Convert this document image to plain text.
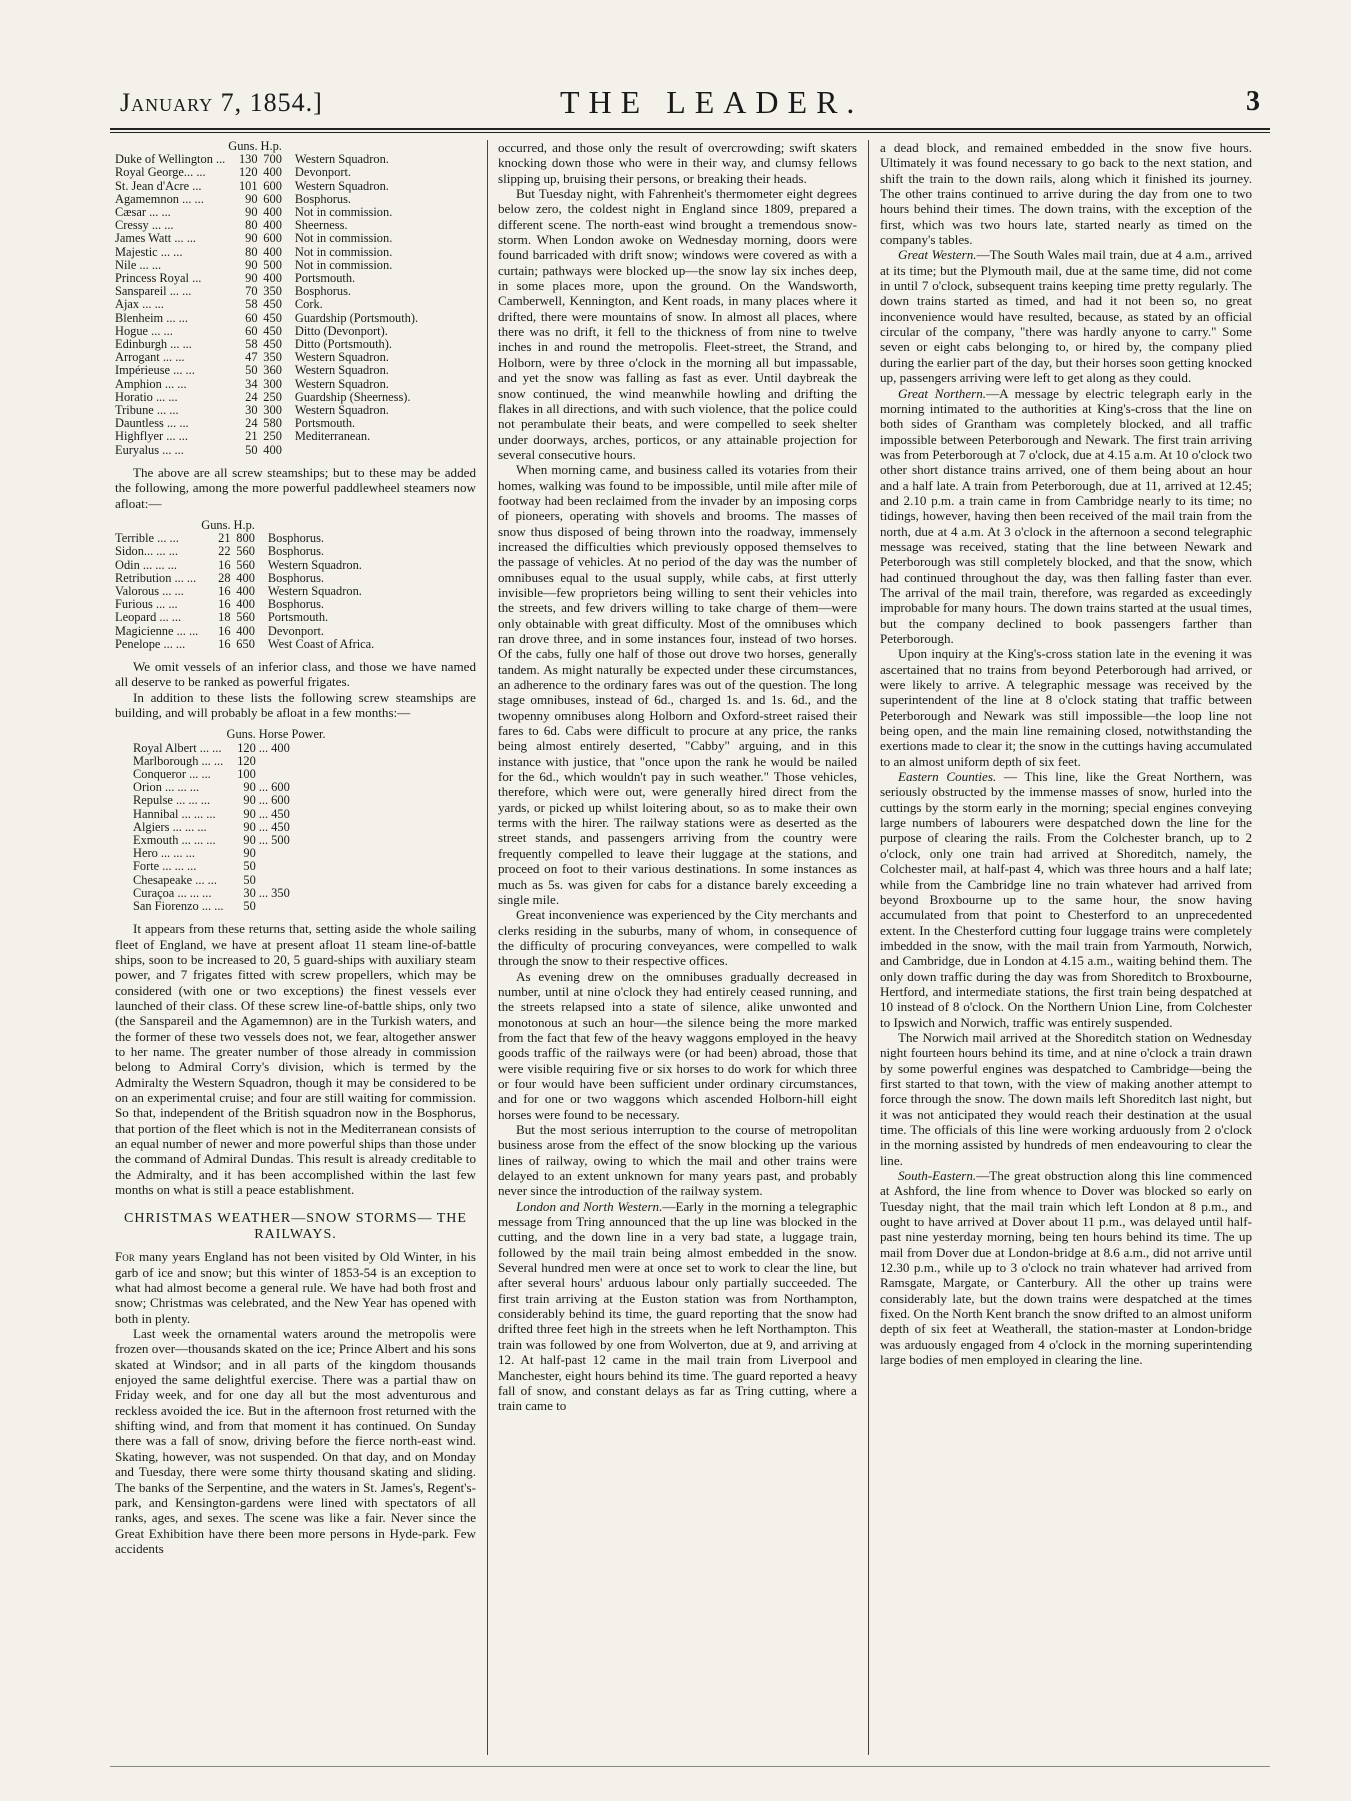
January 7, 1854.]	THE LEADER.	3
	Guns.	H.p.	
Duke of Wellington ...	130	700	Western Squadron.
Royal George... ...	120	400	Devonport.
St. Jean d'Acre ...	101	600	Western Squadron.
Agamemnon ... ...	90	600	Bosphorus.
Cæsar ... ...	90	400	Not in commission.
Cressy ... ...	80	400	Sheerness.
James Watt ... ...	90	600	Not in commission.
Majestic ... ...	80	400	Not in commission.
Nile ... ...	90	500	Not in commission.
Princess Royal ...	90	400	Portsmouth.
Sanspareil ... ...	70	350	Bosphorus.
Ajax ... ...	58	450	Cork.
Blenheim ... ...	60	450	Guardship (Portsmouth).
Hogue ... ...	60	450	Ditto (Devonport).
Edinburgh ... ...	58	450	Ditto (Portsmouth).
Arrogant ... ...	47	350	Western Squadron.
Impérieuse ... ...	50	360	Western Squadron.
Amphion ... ...	34	300	Western Squadron.
Horatio ... ...	24	250	Guardship (Sheerness).
Tribune ... ...	30	300	Western Squadron.
Dauntless ... ...	24	580	Portsmouth.
Highflyer ... ...	21	250	Mediterranean.
Euryalus ... ...	50	400	

The above are all screw steamships; but to these may be added the following, among the more powerful paddlewheel steamers now afloat:—

	Guns.	H.p.	
Terrible ... ...	21	800	Bosphorus.
Sidon... ... ...	22	560	Bosphorus.
Odin ... ... ...	16	560	Western Squadron.
Retribution ... ...	28	400	Bosphorus.
Valorous ... ...	16	400	Western Squadron.
Furious ... ...	16	400	Bosphorus.
Leopard ... ...	18	560	Portsmouth.
Magicienne ... ...	16	400	Devonport.
Penelope ... ...	16	650	West Coast of Africa.

We omit vessels of an inferior class, and those we have named all deserve to be ranked as powerful frigates.

In addition to these lists the following screw steamships are building, and will probably be afloat in a few months:—

	Guns.	Horse Power.
Royal Albert ... ...	120	... 400
Marlborough ... ...	120	
Conqueror ... ...	100	
Orion ... ... ...	90	... 600
Repulse ... ... ...	90	... 600
Hannibal ... ... ...	90	... 450
Algiers ... ... ...	90	... 450
Exmouth ... ... ...	90	... 500
Hero ... ... ...	90	
Forte ... ... ...	50	
Chesapeake ... ...	50	
Curaçoa ... ... ...	30	... 350
San Fiorenzo ... ...	50	

It appears from these returns that, setting aside the whole sailing fleet of England, we have at present afloat 11 steam line-of-battle ships, soon to be increased to 20, 5 guard-ships with auxiliary steam power, and 7 frigates fitted with screw propellers, which may be considered (with one or two exceptions) the finest vessels ever launched of their class. Of these screw line-of-battle ships, only two (the Sanspareil and the Agamemnon) are in the Turkish waters, and the former of these two vessels does not, we fear, altogether answer to her name. The greater number of those already in commission belong to Admiral Corry's division, which is termed by the Admiralty the Western Squadron, though it may be considered to be on an experimental cruise; and four are still waiting for commission. So that, independent of the British squadron now in the Bosphorus, that portion of the fleet which is not in the Mediterranean consists of an equal number of newer and more powerful ships than those under the command of Admiral Dundas. This result is already creditable to the Admiralty, and it has been accomplished within the last few months on what is still a peace establishment.

CHRISTMAS WEATHER—SNOW STORMS— THE RAILWAYS.

For many years England has not been visited by Old Winter, in his garb of ice and snow; but this winter of 1853-54 is an exception to what had almost become a general rule. We have had both frost and snow; Christmas was celebrated, and the New Year has opened with both in plenty.

Last week the ornamental waters around the metropolis were frozen over—thousands skated on the ice; Prince Albert and his sons skated at Windsor; and in all parts of the kingdom thousands enjoyed the same delightful exercise. There was a partial thaw on Friday week, and for one day all but the most adventurous and reckless avoided the ice. But in the afternoon frost returned with the shifting wind, and from that moment it has continued. On Sunday there was a fall of snow, driving before the fierce north-east wind. Skating, however, was not suspended. On that day, and on Monday and Tuesday, there were some thirty thousand skating and sliding. The banks of the Serpentine, and the waters in St. James's, Regent's-park, and Kensington-gardens were lined with spectators of all ranks, ages, and sexes. The scene was like a fair. Never since the Great Exhibition have there been more persons in Hyde-park. Few accidents

occurred, and those only the result of overcrowding; swift skaters knocking down those who were in their way, and clumsy fellows slipping up, bruising their persons, or breaking their heads.

But Tuesday night, with Fahrenheit's thermometer eight degrees below zero, the coldest night in England since 1809, prepared a different scene. The north-east wind brought a tremendous snow-storm. When London awoke on Wednesday morning, doors were found barricaded with drift snow; windows were covered as with a curtain; pathways were blocked up—the snow lay six inches deep, in some places more, upon the ground. On the Wandsworth, Camberwell, Kennington, and Kent roads, in many places where it drifted, there were mountains of snow. In almost all places, where there was no drift, it fell to the thickness of from nine to twelve inches in and round the metropolis. Fleet-street, the Strand, and Holborn, were by three o'clock in the morning all but impassable, and yet the snow was falling as fast as ever. Until daybreak the snow continued, the wind meanwhile howling and drifting the flakes in all directions, and with such violence, that the police could not perambulate their beats, and were compelled to seek shelter under doorways, arches, porticos, or any attainable projection for several consecutive hours.

When morning came, and business called its votaries from their homes, walking was found to be impossible, until mile after mile of footway had been reclaimed from the invader by an imposing corps of pioneers, operating with shovels and brooms. The masses of snow thus disposed of being thrown into the roadway, immensely increased the difficulties which previously opposed themselves to the passage of vehicles. At no period of the day was the number of omnibuses equal to the usual supply, while cabs, at first utterly invisible—few proprietors being willing to sent their vehicles into the streets, and few drivers willing to take charge of them—were only obtainable with great difficulty. Most of the omnibuses which ran drove three, and in some instances four, instead of two horses. Of the cabs, fully one half of those out drove two horses, generally tandem. As might naturally be expected under these circumstances, an adherence to the ordinary fares was out of the question. The long stage omnibuses, instead of 6d., charged 1s. and 1s. 6d., and the twopenny omnibuses along Holborn and Oxford-street raised their fares to 6d. Cabs were difficult to procure at any price, the ranks being almost entirely deserted, "Cabby" arguing, and in this instance with justice, that "once upon the rank he would be nailed for the 6d., which wouldn't pay in such weather." Those vehicles, therefore, which were out, were generally hired direct from the yards, or picked up whilst loitering about, so as to make their own terms with the hirer. The railway stations were as deserted as the street stands, and passengers arriving from the country were frequently compelled to leave their luggage at the stations, and proceed on foot to their various destinations. In some instances as much as 5s. was given for cabs for a distance barely exceeding a single mile.

Great inconvenience was experienced by the City merchants and clerks residing in the suburbs, many of whom, in consequence of the difficulty of procuring conveyances, were compelled to walk through the snow to their respective offices.

As evening drew on the omnibuses gradually decreased in number, until at nine o'clock they had entirely ceased running, and the streets relapsed into a state of silence, alike unwonted and monotonous at such an hour—the silence being the more marked from the fact that few of the heavy waggons employed in the heavy goods traffic of the railways were (or had been) abroad, those that were visible requiring five or six horses to do work for which three or four would have been sufficient under ordinary circumstances, and for one or two waggons which ascended Holborn-hill eight horses were found to be necessary.

But the most serious interruption to the course of metropolitan business arose from the effect of the snow blocking up the various lines of railway, owing to which the mail and other trains were delayed to an extent unknown for many years past, and probably never since the introduction of the railway system.

London and North Western.—Early in the morning a telegraphic message from Tring announced that the up line was blocked in the cutting, and the down line in a very bad state, a luggage train, followed by the mail train being almost embedded in the snow. Several hundred men were at once set to work to clear the line, but after several hours' arduous labour only partially succeeded. The first train arriving at the Euston station was from Northampton, considerably behind its time, the guard reporting that the snow had drifted three feet high in the streets when he left Northampton. This train was followed by one from Wolverton, due at 9, and arriving at 12. At half-past 12 came in the mail train from Liverpool and Manchester, eight hours behind its time. The guard reported a heavy fall of snow, and constant delays as far as Tring cutting, where a train came to

a dead block, and remained embedded in the snow five hours. Ultimately it was found necessary to go back to the next station, and shift the train to the down rails, along which it finished its journey. The other trains continued to arrive during the day from one to two hours behind their times. The down trains, with the exception of the first, which was two hours late, started nearly as timed on the company's tables.

Great Western.—The South Wales mail train, due at 4 a.m., arrived at its time; but the Plymouth mail, due at the same time, did not come in until 7 o'clock, subsequent trains keeping time pretty regularly. The down trains started as timed, and had it not been so, no great inconvenience would have resulted, because, as stated by an official circular of the company, "there was hardly anyone to carry." Some seven or eight cabs belonging to, or hired by, the company plied during the earlier part of the day, but their horses soon getting knocked up, passengers arriving were left to get along as they could.

Great Northern.—A message by electric telegraph early in the morning intimated to the authorities at King's-cross that the line on both sides of Grantham was completely blocked, and all traffic impossible between Peterborough and Newark. The first train arriving was from Peterborough at 7 o'clock, due at 4.15 a.m. At 10 o'clock two other short distance trains arrived, one of them being about an hour and a half late. A train from Peterborough, due at 11, arrived at 12.45; and 2.10 p.m. a train came in from Cambridge nearly to its time; no tidings, however, having then been received of the mail train from the north, due at 4 a.m. At 3 o'clock in the afternoon a second telegraphic message was received, stating that the line between Newark and Peterborough was still completely blocked, and that the snow, which had continued throughout the day, was then falling faster than ever. The arrival of the mail train, therefore, was regarded as exceedingly improbable for many hours. The down trains started at the usual times, but the company declined to book passengers farther than Peterborough.

Upon inquiry at the King's-cross station late in the evening it was ascertained that no trains from beyond Peterborough had arrived, or were likely to arrive. A telegraphic message was received by the superintendent of the line at 8 o'clock stating that traffic between Peterborough and Newark was still impossible—the loop line not being open, and the main line remaining closed, notwithstanding the exertions made to clear it; the snow in the cuttings having accumulated to an almost uniform depth of six feet.

Eastern Counties. — This line, like the Great Northern, was seriously obstructed by the immense masses of snow, hurled into the cuttings by the storm early in the morning; special engines conveying large numbers of labourers were despatched down the line for the purpose of clearing the rails. From the Colchester branch, up to 2 o'clock, only one train had arrived at Shoreditch, namely, the Colchester mail, at half-past 4, which was three hours and a half late; while from the Cambridge line no train whatever had arrived from beyond Broxbourne up to the same hour, the snow having accumulated from that point to Chesterford to an unprecedented extent. In the Chesterford cutting four luggage trains were completely imbedded in the snow, with the mail train from Yarmouth, Norwich, and Cambridge, due in London at 4.15 a.m., waiting behind them. The only down traffic during the day was from Shoreditch to Broxbourne, Hertford, and intermediate stations, the first train being despatched at 10 instead of 8 o'clock. On the Northern Union Line, from Colchester to Ipswich and Norwich, traffic was entirely suspended.

The Norwich mail arrived at the Shoreditch station on Wednesday night fourteen hours behind its time, and at nine o'clock a train drawn by some powerful engines was despatched to Cambridge—being the first started to that town, with the view of making another attempt to force through the snow. The down mails left Shoreditch last night, but it was not anticipated they would reach their destination at the usual time. The officials of this line were working arduously from 2 o'clock in the morning assisted by hundreds of men endeavouring to clear the line.

South-Eastern.—The great obstruction along this line commenced at Ashford, the line from whence to Dover was blocked so early on Tuesday night, that the mail train which left London at 8 p.m., and ought to have arrived at Dover about 11 p.m., was delayed until half-past nine yesterday morning, being ten hours behind its time. The up mail from Dover due at London-bridge at 8.6 a.m., did not arrive until 12.30 p.m., while up to 3 o'clock no train whatever had arrived from Ramsgate, Margate, or Canterbury. All the other up trains were considerably late, but the down trains were despatched at the times fixed. On the North Kent branch the snow drifted to an almost uniform depth of six feet at Weatherall, the station-master at London-bridge was arduously engaged from 4 o'clock in the morning superintending large bodies of men employed in clearing the line.
